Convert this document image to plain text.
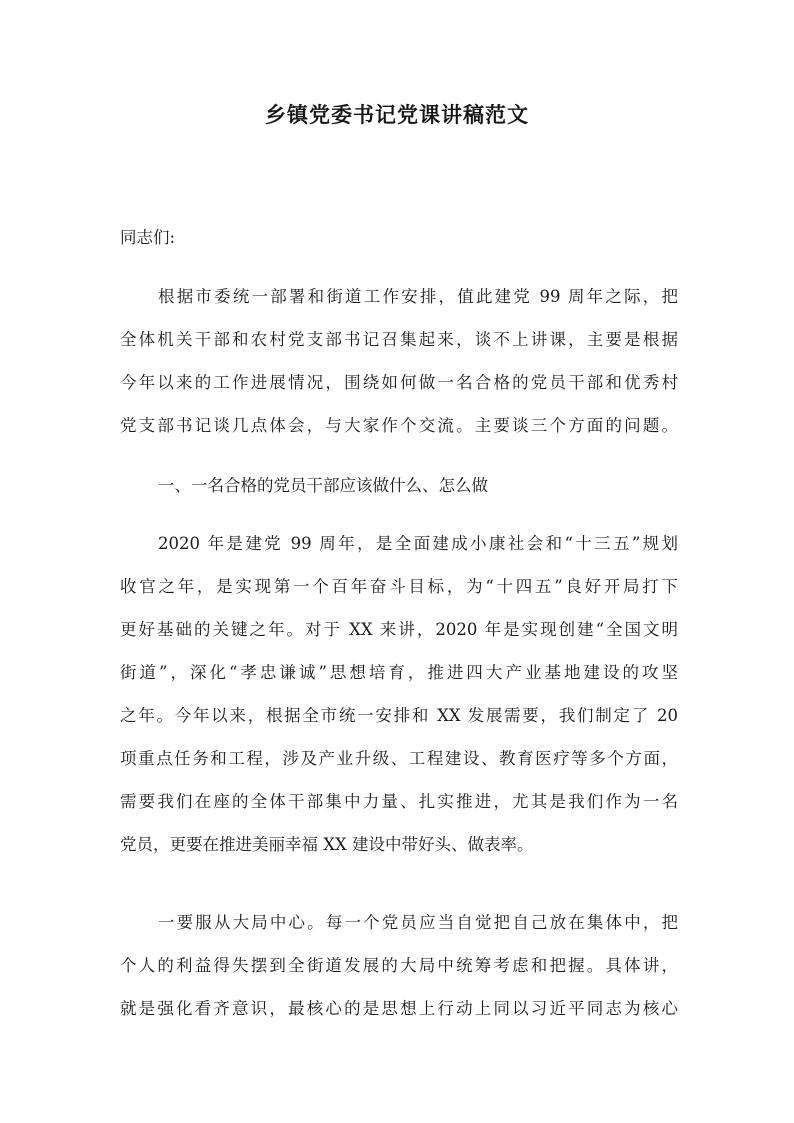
乡镇党委书记党课讲稿范文
同志们:
根据市委统一部署和街道工作安排，值此建党 99 周年之际，把
全体机关干部和农村党支部书记召集起来，谈不上讲课，主要是根据
今年以来的工作进展情况，围绕如何做一名合格的党员干部和优秀村
党支部书记谈几点体会，与大家作个交流。主要谈三个方面的问题。
一、一名合格的党员干部应该做什么、怎么做
2020 年是建党 99 周年，是全面建成小康社会和“十三五”规划
收官之年，是实现第一个百年奋斗目标，为“十四五”良好开局打下
更好基础的关键之年。对于 XX 来讲，2020 年是实现创建“全国文明
街道”，深化“孝忠谦诚”思想培育，推进四大产业基地建设的攻坚
之年。今年以来，根据全市统一安排和 XX 发展需要，我们制定了 20
项重点任务和工程，涉及产业升级、工程建设、教育医疗等多个方面，
需要我们在座的全体干部集中力量、扎实推进，尤其是我们作为一名
党员，更要在推进美丽幸福 XX 建设中带好头、做表率。
一要服从大局中心。每一个党员应当自觉把自己放在集体中，把
个人的利益得失摆到全街道发展的大局中统筹考虑和把握。具体讲，
就是强化看齐意识，最核心的是思想上行动上同以习近平同志为核心
